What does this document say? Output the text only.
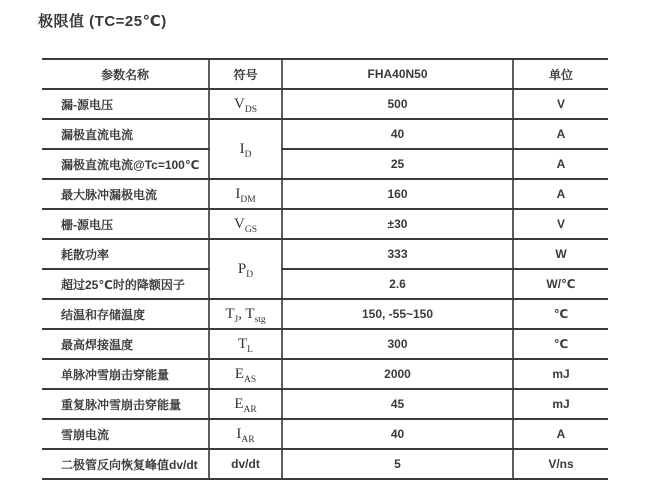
极限值 (TC=25℃)
参数名称	符号	FHA40N50	单位
漏-源电压	$V_{DS}$	500	V
漏极直流电流	$I_D$	40	A
漏极直流电流@Tc=100℃		25	A
最大脉冲漏极电流	$I_{DM}$	160	A
栅-源电压	$V_{GS}$	±30	V
耗散功率	$P_D$	333	W
超过25℃时的降额因子		2.6	W/℃
结温和存储温度	$T_J$, $T_{stg}$	150, -55~150	℃
最高焊接温度	$T_L$	300	℃
单脉冲雪崩击穿能量	$E_{AS}$	2000	mJ
重复脉冲雪崩击穿能量	$E_{AR}$	45	mJ
雪崩电流	$I_{AR}$	40	A
二极管反向恢复峰值dv/dt	dv/dt	5	V/ns
